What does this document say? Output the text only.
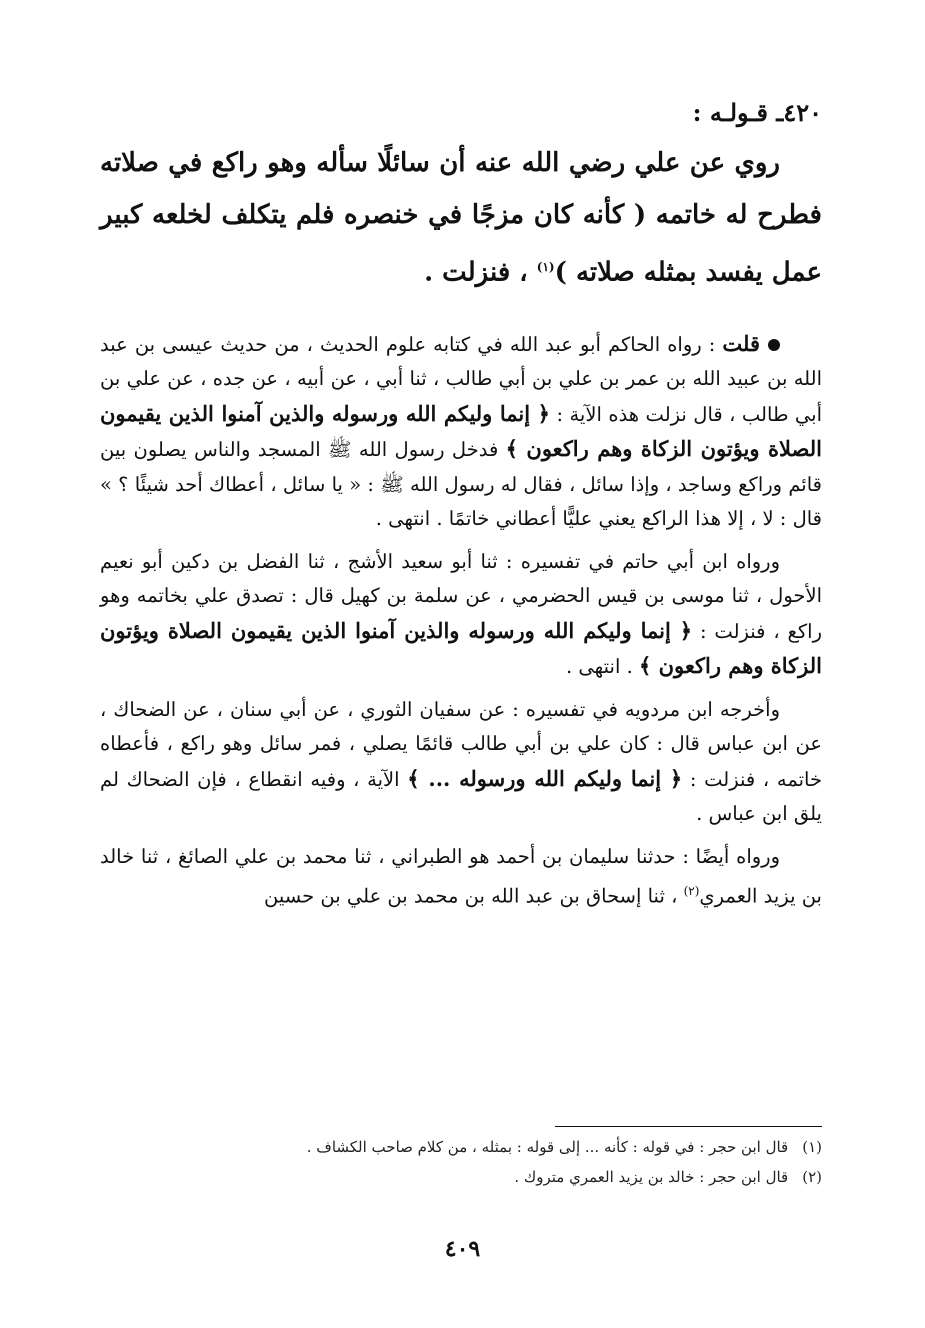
٤٢٠ـ قـولـه :

روي عن علي رضي الله عنه أن سائلًا سأله وهو راكع في صلاته فطرح له خاتمه ( كأنه كان مزجًا في خنصره فلم يتكلف لخلعه كبير عمل يفسد بمثله صلاته )$^{(١)}$ ، فنزلت .

قلت : رواه الحاكم أبو عبد الله في كتابه علوم الحديث ، من حديث عيسى بن عبد الله بن عبيد الله بن عمر بن علي بن أبي طالب ، ثنا أبي ، عن أبيه ، عن جده ، عن علي بن أبي طالب ، قال نزلت هذه الآية : ﴿ إنما وليكم الله ورسوله والذين آمنوا الذين يقيمون الصلاة ويؤتون الزكاة وهم راكعون ﴾ فدخل رسول الله ﷺ المسجد والناس يصلون بين قائم وراكع وساجد ، وإذا سائل ، فقال له رسول الله ﷺ : « يا سائل ، أعطاك أحد شيئًا ؟ » قال : لا ، إلا هذا الراكع يعني عليًّا أعطاني خاتمًا . انتهى .

ورواه ابن أبي حاتم في تفسيره : ثنا أبو سعيد الأشج ، ثنا الفضل بن دكين أبو نعيم الأحول ، ثنا موسى بن قيس الحضرمي ، عن سلمة بن كهيل قال : تصدق علي بخاتمه وهو راكع ، فنزلت : ﴿ إنما وليكم الله ورسوله والذين آمنوا الذين يقيمون الصلاة ويؤتون الزكاة وهم راكعون ﴾ . انتهى .

وأخرجه ابن مردويه في تفسيره : عن سفيان الثوري ، عن أبي سنان ، عن الضحاك ، عن ابن عباس قال : كان علي بن أبي طالب قائمًا يصلي ، فمر سائل وهو راكع ، فأعطاه خاتمه ، فنزلت : ﴿ إنما وليكم الله ورسوله ... ﴾ الآية ، وفيه انقطاع ، فإن الضحاك لم يلق ابن عباس .

ورواه أيضًا : حدثنا سليمان بن أحمد هو الطبراني ، ثنا محمد بن علي الصائغ ، ثنا خالد بن يزيد العمري$^{(٢)}$ ، ثنا إسحاق بن عبد الله بن محمد بن علي بن حسين

(١)
قال ابن حجر : في قوله : كأنه ... إلى قوله : بمثله ، من كلام صاحب الكشاف .
(٢)
قال ابن حجر : خالد بن يزيد العمري متروك .
٤٠٩
